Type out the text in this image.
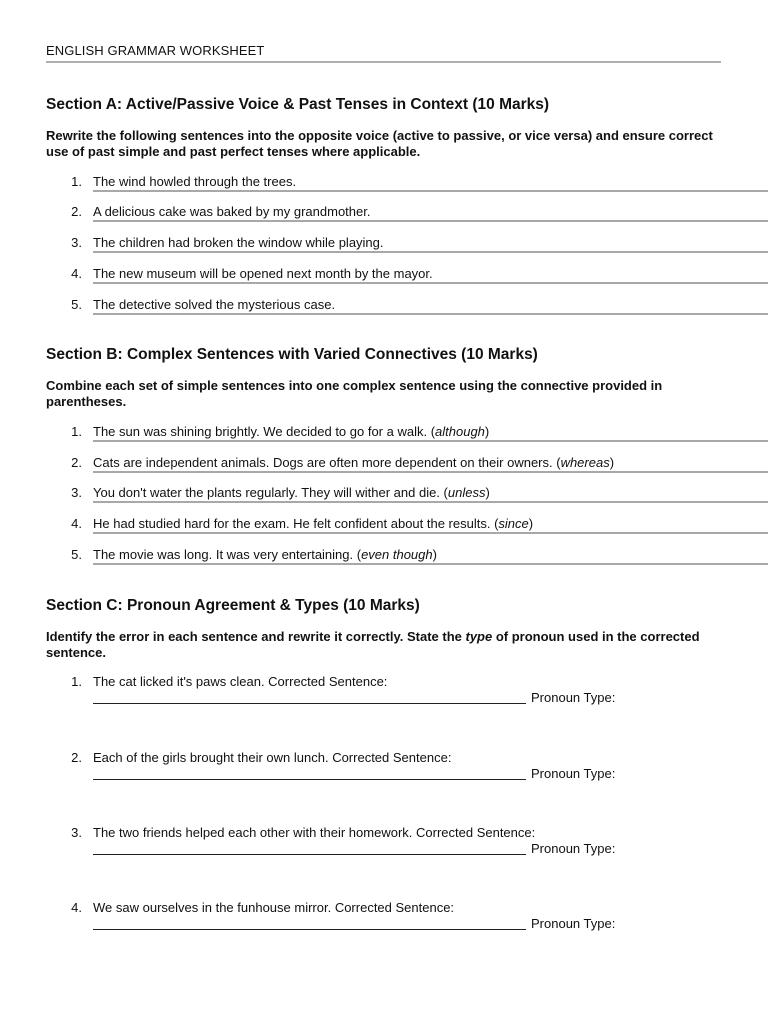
ENGLISH GRAMMAR WORKSHEET
Section A: Active/Passive Voice & Past Tenses in Context (10 Marks)
Rewrite the following sentences into the opposite voice (active to passive, or vice versa) and ensure correct use of past simple and past perfect tenses where applicable.
1. The wind howled through the trees.
2. A delicious cake was baked by my grandmother.
3. The children had broken the window while playing.
4. The new museum will be opened next month by the mayor.
5. The detective solved the mysterious case.
Section B: Complex Sentences with Varied Connectives (10 Marks)
Combine each set of simple sentences into one complex sentence using the connective provided in parentheses.
1. The sun was shining brightly. We decided to go for a walk. (although)
2. Cats are independent animals. Dogs are often more dependent on their owners. (whereas)
3. You don't water the plants regularly. They will wither and die. (unless)
4. He had studied hard for the exam. He felt confident about the results. (since)
5. The movie was long. It was very entertaining. (even though)
Section C: Pronoun Agreement & Types (10 Marks)
Identify the error in each sentence and rewrite it correctly. State the type of pronoun used in the corrected sentence.
1. The cat licked it's paws clean. Corrected Sentence:
Pronoun Type:
2. Each of the girls brought their own lunch. Corrected Sentence:
Pronoun Type:
3. The two friends helped each other with their homework. Corrected Sentence:
Pronoun Type:
4. We saw ourselves in the funhouse mirror. Corrected Sentence:
Pronoun Type:
